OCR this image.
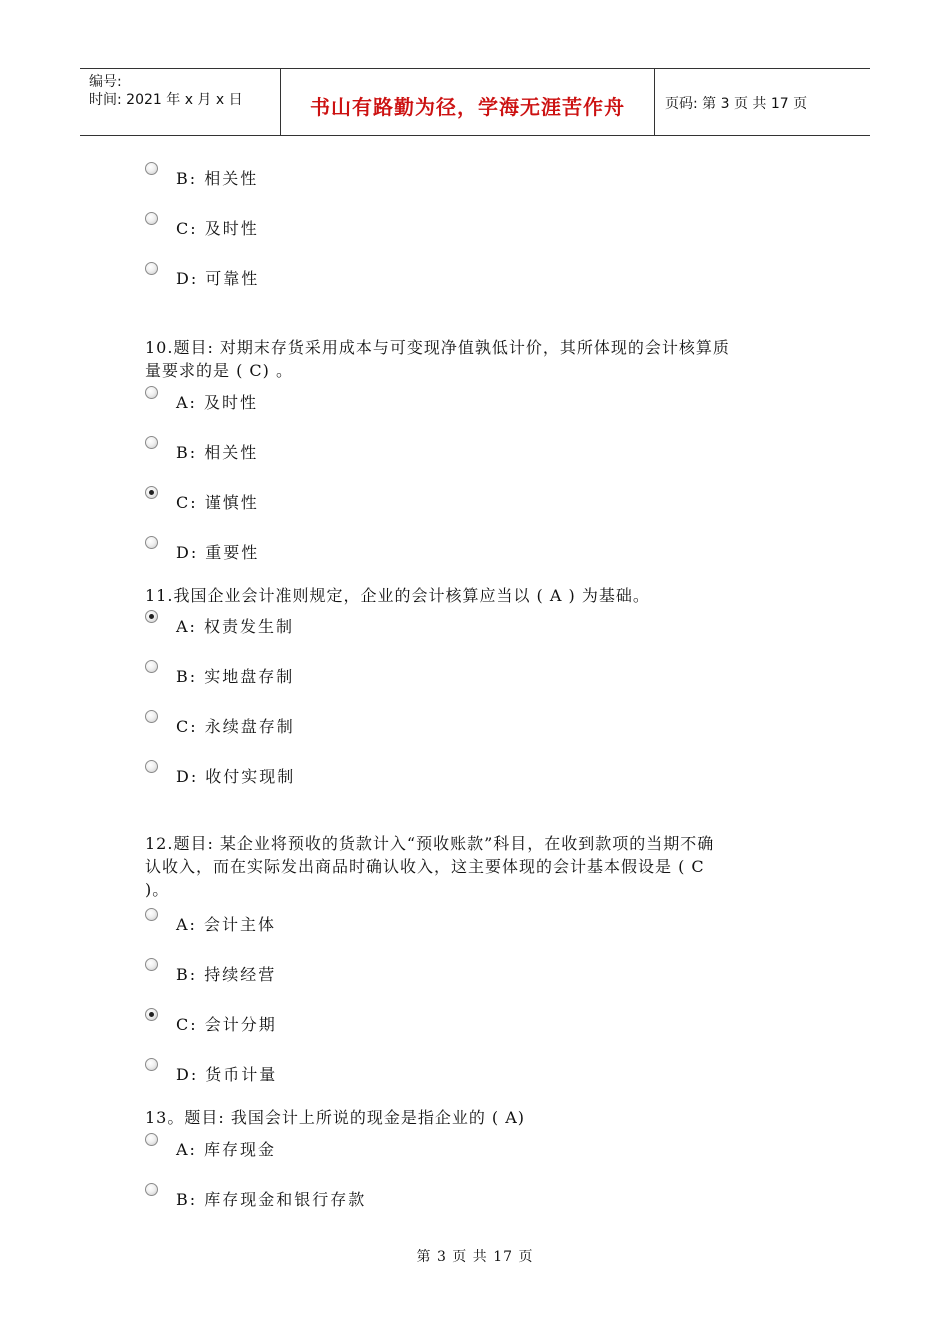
编号:
时间: 2021 年 x 月 x 日	书山有路勤为径，学海无涯苦作舟	页码: 第 3 页 共 17 页
B: 相关性
C: 及时性
D: 可靠性
10.题目: 对期末存货采用成本与可变现净值孰低计价，其所体现的会计核算质
量要求的是 ( C) 。
A: 及时性
B: 相关性
C: 谨慎性
D: 重要性
11.我国企业会计准则规定，企业的会计核算应当以 ( A ) 为基础。
A: 权责发生制
B: 实地盘存制
C: 永续盘存制
D: 收付实现制
12.题目: 某企业将预收的货款计入“预收账款”科目，在收到款项的当期不确
认收入，而在实际发出商品时确认收入，这主要体现的会计基本假设是 ( C
)。
A: 会计主体
B: 持续经营
C: 会计分期
D: 货币计量
13。题目: 我国会计上所说的现金是指企业的 ( A)
A: 库存现金
B: 库存现金和银行存款
第 3 页 共 17 页
